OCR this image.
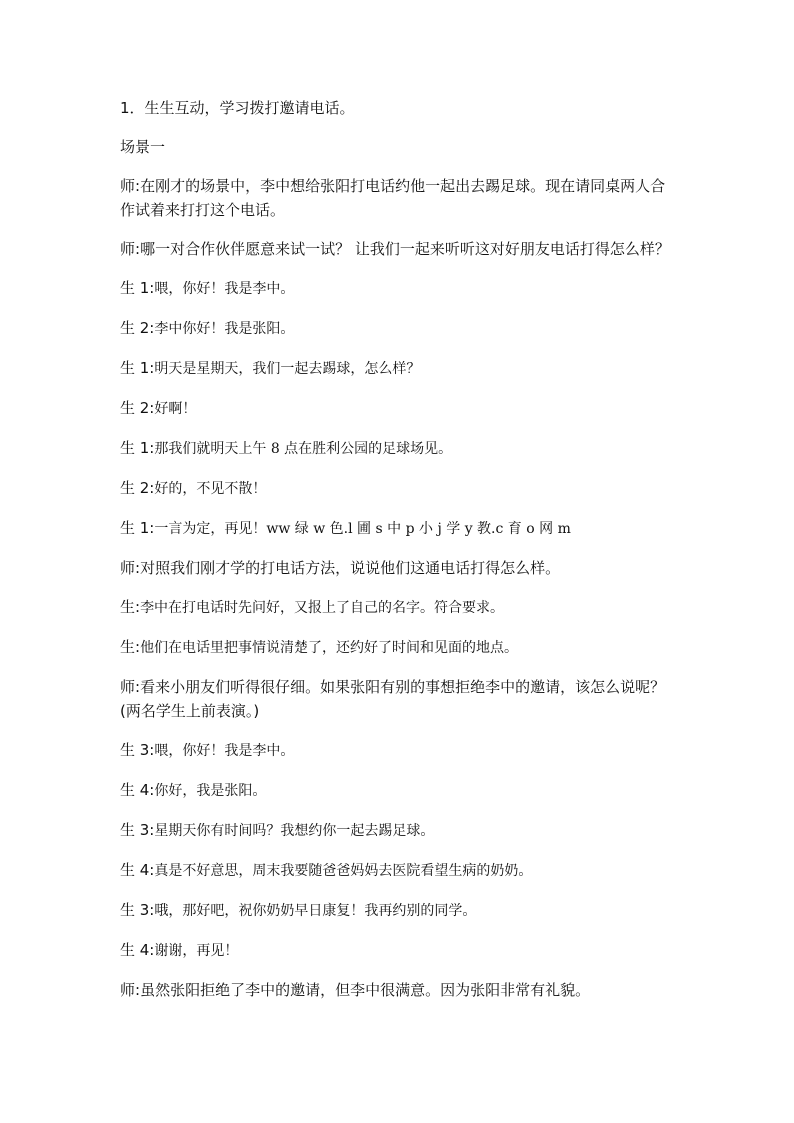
1．生生互动，学习拨打邀请电话。

场景一

师:在刚才的场景中，李中想给张阳打电话约他一起出去踢足球。现在请同桌两人合作试着来打打这个电话。

师:哪一对合作伙伴愿意来试一试？ 让我们一起来听听这对好朋友电话打得怎么样？

生 1:喂，你好！我是李中。

生 2:李中你好！我是张阳。

生 1:明天是星期天，我们一起去踢球，怎么样？

生 2:好啊！

生 1:那我们就明天上午 8 点在胜利公园的足球场见。

生 2:好的，不见不散！

生 1:一言为定，再见！ww 绿 w 色.l 圃 s 中 p 小 j 学 y 教.c 育 o 网 m

师:对照我们刚才学的打电话方法，说说他们这通电话打得怎么样。

生:李中在打电话时先问好，又报上了自己的名字。符合要求。

生:他们在电话里把事情说清楚了，还约好了时间和见面的地点。

师:看来小朋友们听得很仔细。如果张阳有别的事想拒绝李中的邀请，该怎么说呢？(两名学生上前表演。)

生 3:喂，你好！我是李中。

生 4:你好，我是张阳。

生 3:星期天你有时间吗？我想约你一起去踢足球。

生 4:真是不好意思，周末我要随爸爸妈妈去医院看望生病的奶奶。

生 3:哦，那好吧，祝你奶奶早日康复！我再约别的同学。

生 4:谢谢，再见！

师:虽然张阳拒绝了李中的邀请，但李中很满意。因为张阳非常有礼貌。
